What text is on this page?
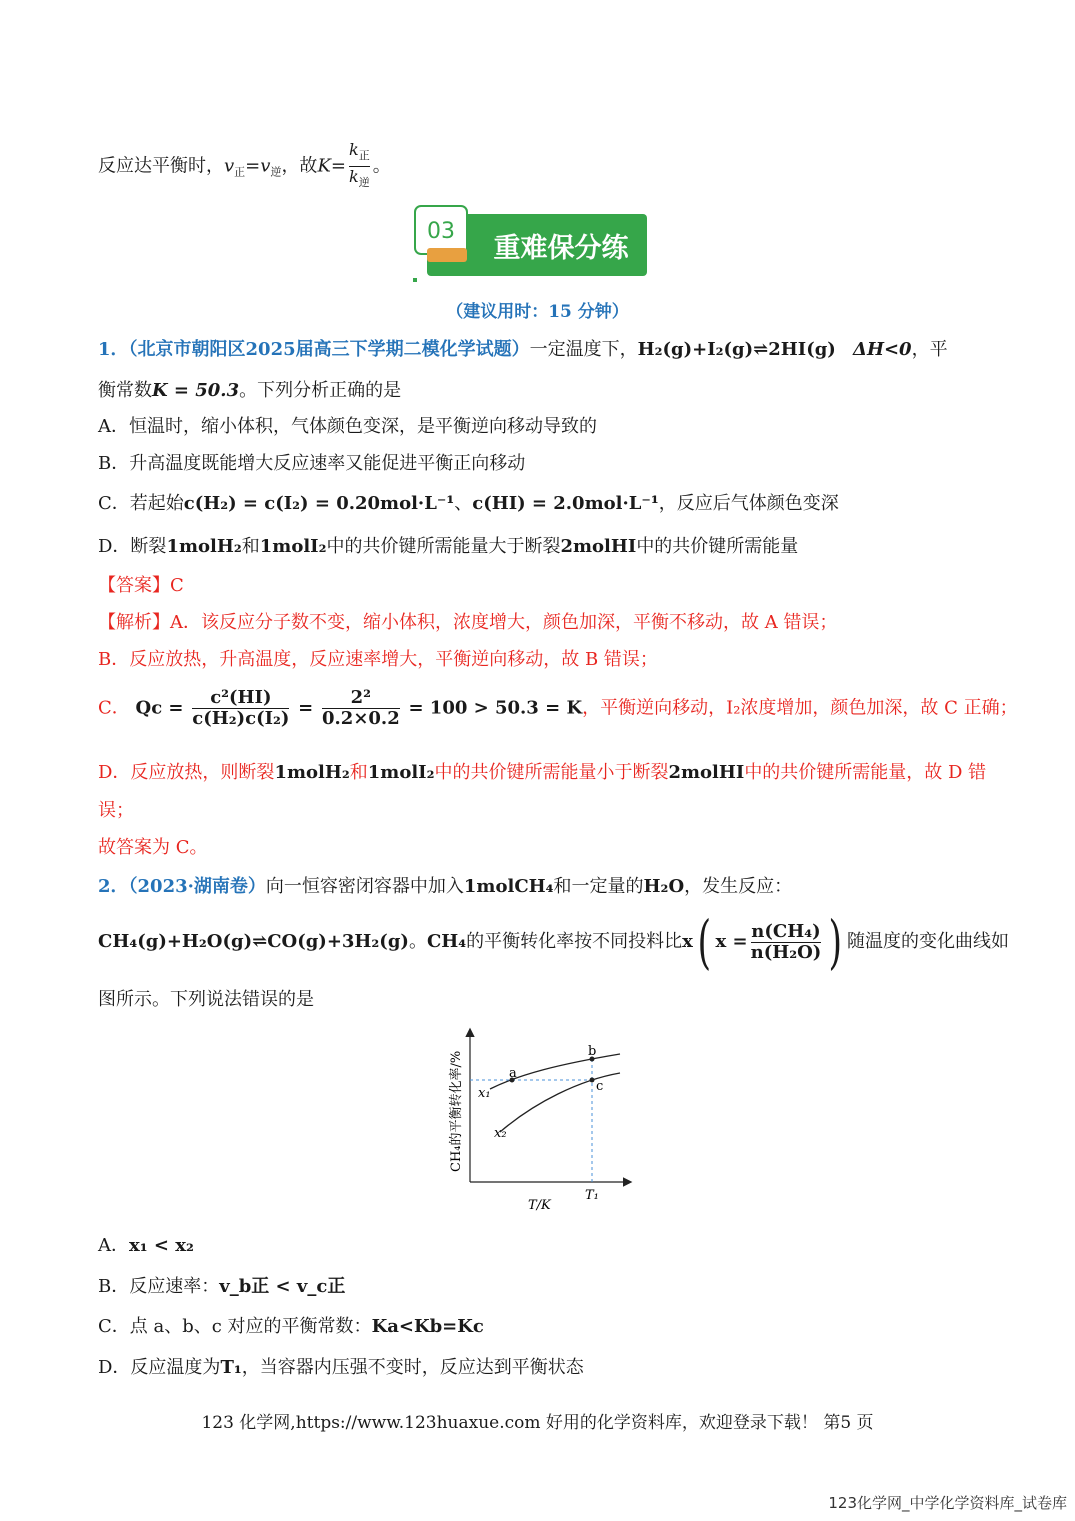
反应达平衡时，$v_正=v_逆$，故$K= \frac{k_正}{k_逆}$ 。
03
重难保分练
（建议用时：15 分钟）
1．（北京市朝阳区2025届高三下学期二模化学试题）一定温度下，H₂(g)+I₂(g)⇌2HI(g) ΔH<0，平
衡常数K = 50.3。下列分析正确的是
A．恒温时，缩小体积，气体颜色变深，是平衡逆向移动导致的
B．升高温度既能增大反应速率又能促进平衡正向移动
C．若起始c(H₂) = c(I₂) = 0.20mol·L⁻¹、c(HI) = 2.0mol·L⁻¹，反应后气体颜色变深
D．断裂1molH₂和1molI₂中的共价键所需能量大于断裂2molHI中的共价键所需能量
【答案】C
【解析】A．该反应分子数不变，缩小体积，浓度增大，颜色加深，平衡不移动，故 A 错误；
B．反应放热，升高温度，反应速率增大，平衡逆向移动，故 B 错误；
C． $Qc = \frac{\text{c²(HI)}}{\text{c(H₂)c(I₂)}} = \frac{\text{2²}}{0.2\times 0.2} = 100 > 50.3 = K$，平衡逆向移动，I₂浓度增加，颜色加深，故 C 正确；
D．反应放热，则断裂1molH₂和1molI₂中的共价键所需能量小于断裂2molHI中的共价键所需能量，故 D 错
误；
故答案为 C。
2．（2023·湖南卷）向一恒容密闭容器中加入1molCH₄和一定量的H₂O，发生反应：
CH₄(g)+H₂O(g)⇌CO(g)+3H₂(g)。CH₄的平衡转化率按不同投料比x( $x = \frac{\text{n(CH₄)}}{\text{n(H₂O)}}$ ) 随温度的变化曲线如
图所示。下列说法错误的是
a
b
c
x₁
x₂
T₁
T/K
CH₄的平衡转化率/%
A．x₁ < x₂
B．反应速率：v_b正 < v_c正
C．点 a、b、c 对应的平衡常数：Ka<Kb=Kc
D．反应温度为T₁，当容器内压强不变时，反应达到平衡状态
123 化学网,https://www.123huaxue.com 好用的化学资料库，欢迎登录下载！ 第5 页
123化学网_中学化学资料库_试卷库
